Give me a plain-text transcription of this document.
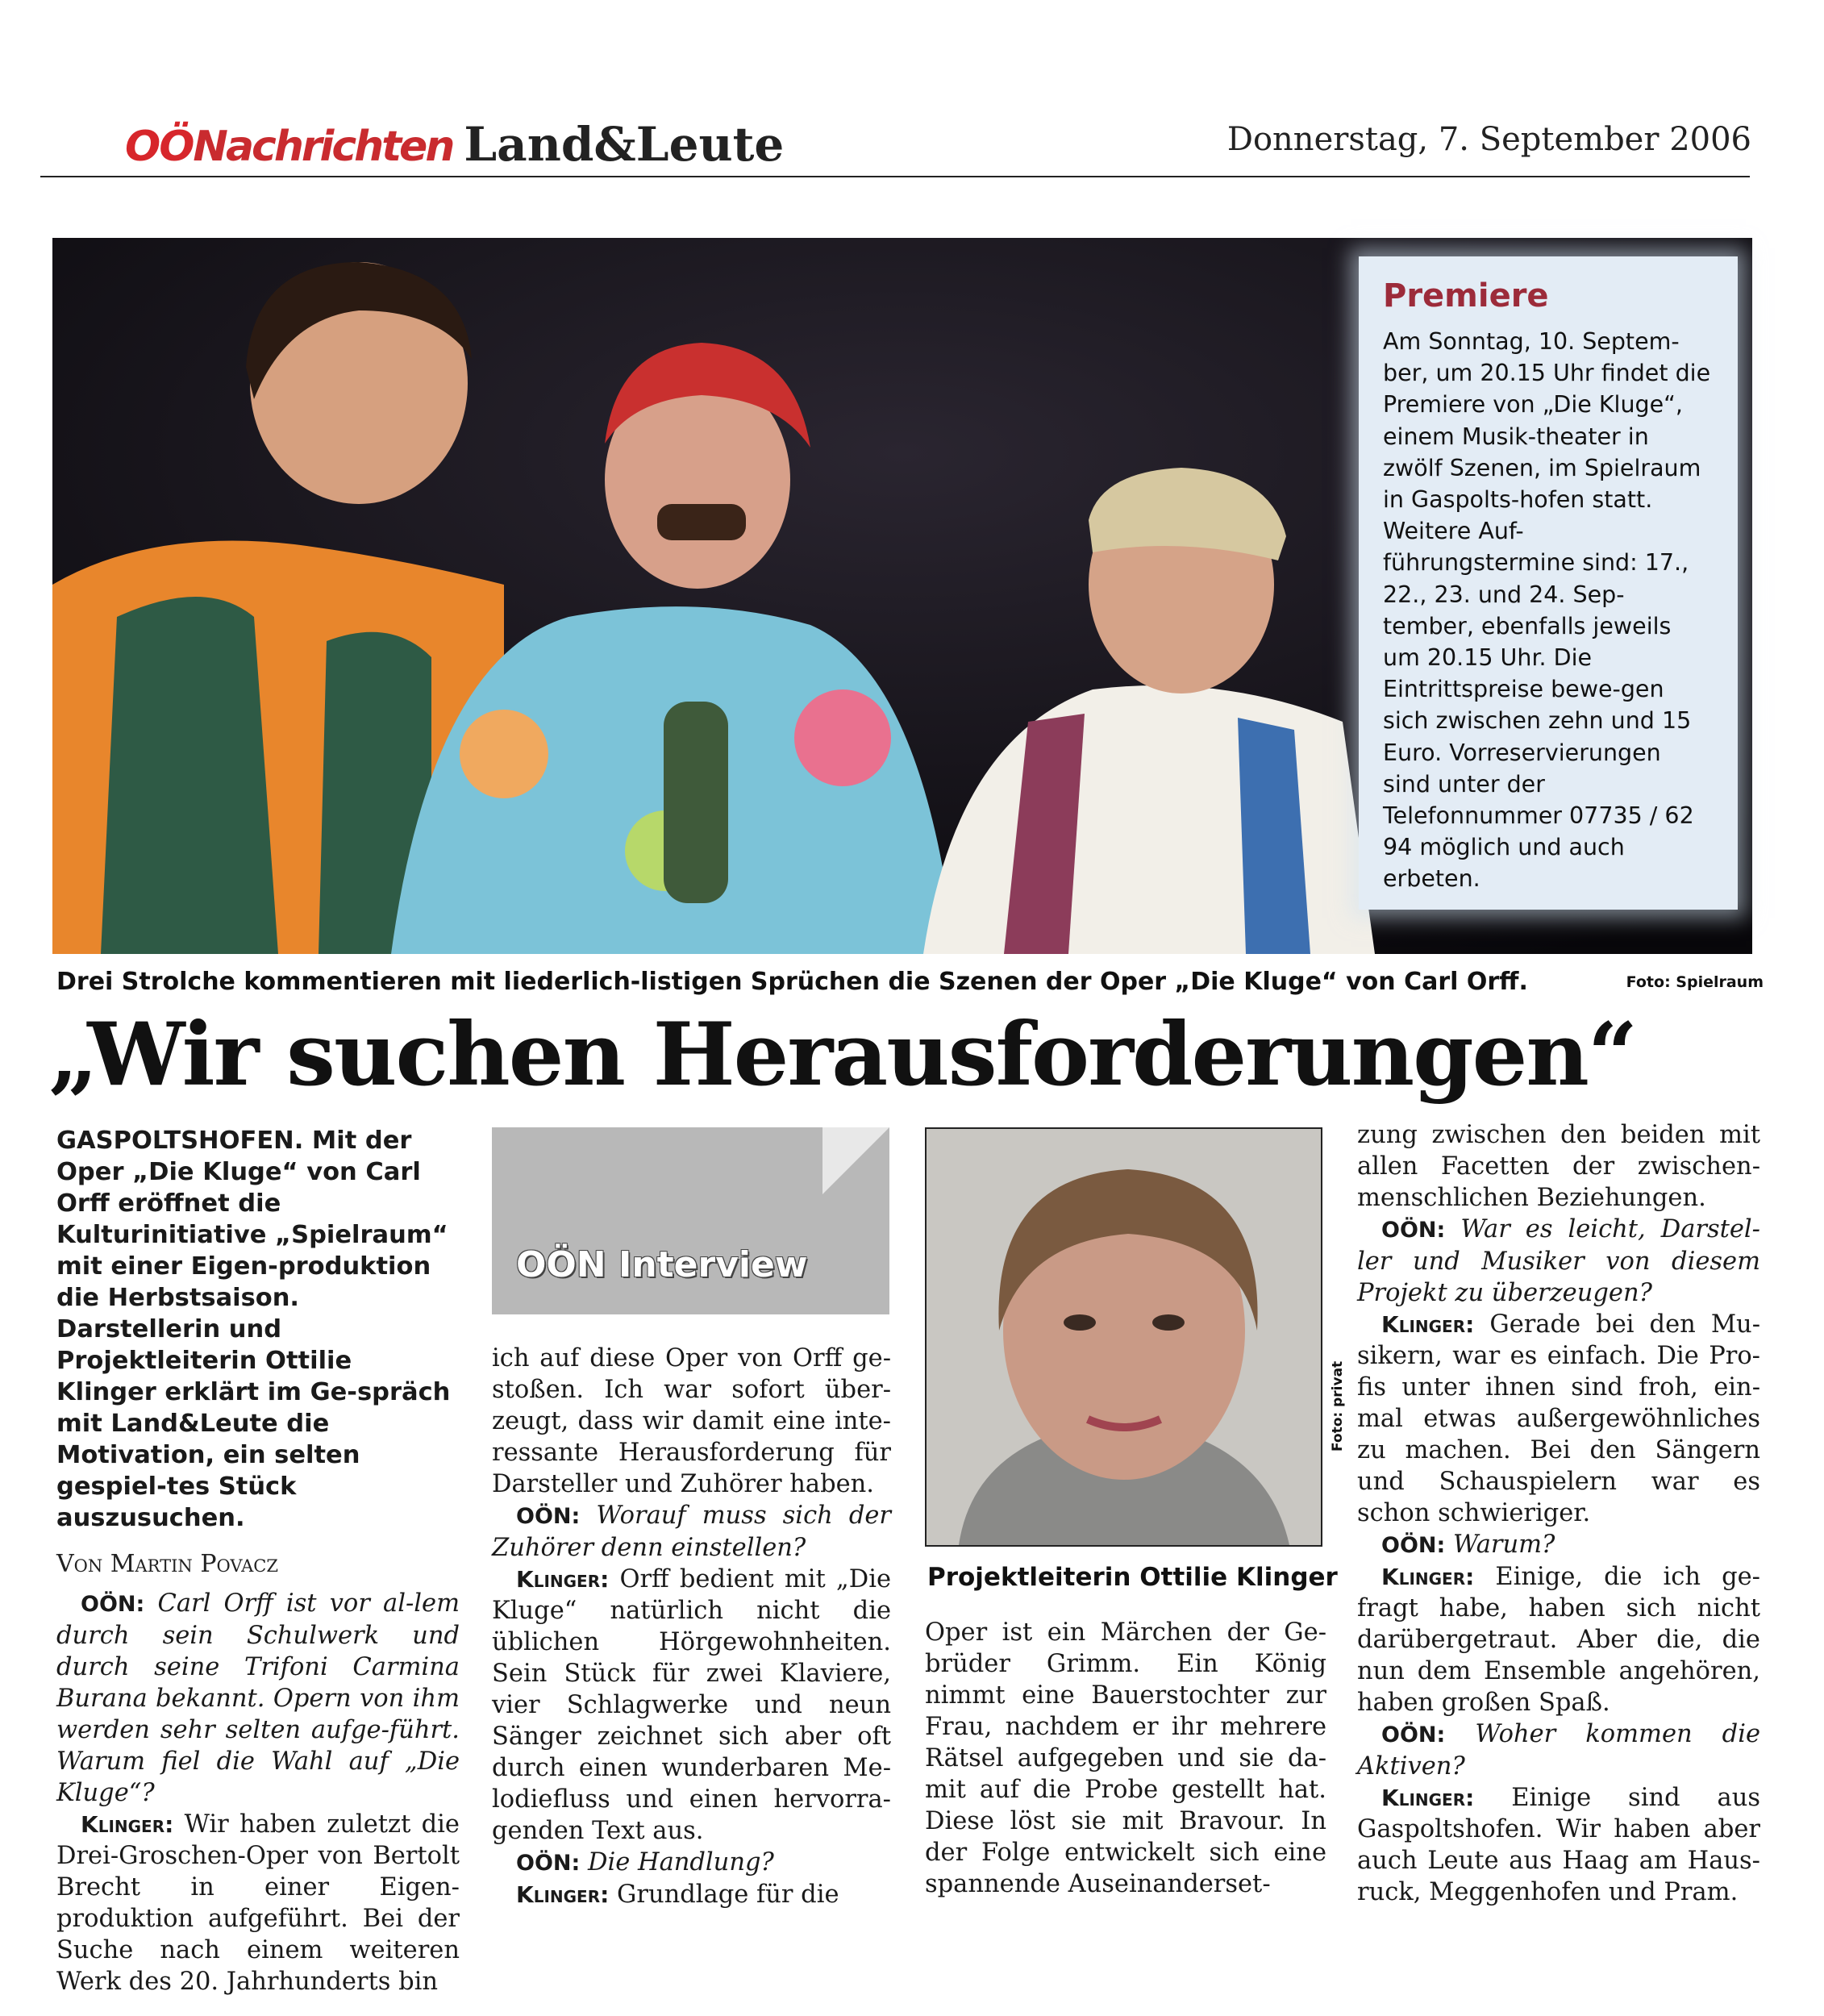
OÖ Nachrichten Land&Leute	Donnerstag, 7. September 2006
Premiere
Am Sonntag, 10. Septem-ber, um 20.15 Uhr findet die Premiere von „Die Kluge“, einem Musik-theater in zwölf Szenen, im Spielraum in Gaspolts-hofen statt. Weitere Auf-führungstermine sind: 17., 22., 23. und 24. Sep-tember, ebenfalls jeweils um 20.15 Uhr. Die Eintrittspreise bewe-gen sich zwischen zehn und 15 Euro. Vorreservierungen sind unter der Telefonnummer 07735 / 62 94 möglich und auch erbeten.
Drei Strolche kommentieren mit liederlich-listigen Sprüchen die Szenen der Oper „Die Kluge“ von Carl Orff.	Foto: Spielraum
„Wir suchen Herausforderungen“
GASPOLTSHOFEN. Mit der Oper „Die Kluge“ von Carl Orff eröffnet die Kulturinitiative „Spielraum“ mit einer Eigen-produktion die Herbstsaison. Darstellerin und Projektleiterin Ottilie Klinger erklärt im Ge-spräch mit Land&Leute die Motivation, ein selten gespiel-tes Stück auszusuchen.
Von Martin Povacz
OÖN: Carl Orff ist vor al-lem durch sein Schulwerk und durch seine Trifoni Carmina Burana bekannt. Opern von ihm werden sehr selten aufge-führt. Warum fiel die Wahl auf „Die Kluge“?
Klinger: Wir haben zuletzt die Drei-Groschen-Oper von Bertolt Brecht in einer Eigen-produktion aufgeführt. Bei der Suche nach einem weiteren Werk des 20. Jahrhunderts bin
OÖN Interview
ich auf diese Oper von Orff ge-stoßen. Ich war sofort über-zeugt, dass wir damit eine inte-ressante Herausforderung für Darsteller und Zuhörer haben.
OÖN: Worauf muss sich der Zuhörer denn einstellen?
Klinger: Orff bedient mit „Die Kluge“ natürlich nicht die üblichen Hörgewohnheiten. Sein Stück für zwei Klaviere, vier Schlagwerke und neun Sänger zeichnet sich aber oft durch einen wunderbaren Me-lodiefluss und einen hervorra-genden Text aus.
OÖN: Die Handlung?
Klinger: Grundlage für die
Foto: privat
Projektleiterin Ottilie Klinger
Oper ist ein Märchen der Ge-brüder Grimm. Ein König nimmt eine Bauerstochter zur Frau, nachdem er ihr mehrere Rätsel aufgegeben und sie da-mit auf die Probe gestellt hat. Diese löst sie mit Bravour. In der Folge entwickelt sich eine spannende Auseinanderset-
zung zwischen den beiden mit allen Facetten der zwischen-menschlichen Beziehungen.
OÖN: War es leicht, Darstel-ler und Musiker von diesem Projekt zu überzeugen?
Klinger: Gerade bei den Mu-sikern, war es einfach. Die Pro-fis unter ihnen sind froh, ein-mal etwas außergewöhnliches zu machen. Bei den Sängern und Schauspielern war es schon schwieriger.
OÖN: Warum?
Klinger: Einige, die ich ge-fragt habe, haben sich nicht darübergetraut. Aber die, die nun dem Ensemble angehören, haben großen Spaß.
OÖN: Woher kommen die Aktiven?
Klinger: Einige sind aus Gaspoltshofen. Wir haben aber auch Leute aus Haag am Haus-ruck, Meggenhofen und Pram.
